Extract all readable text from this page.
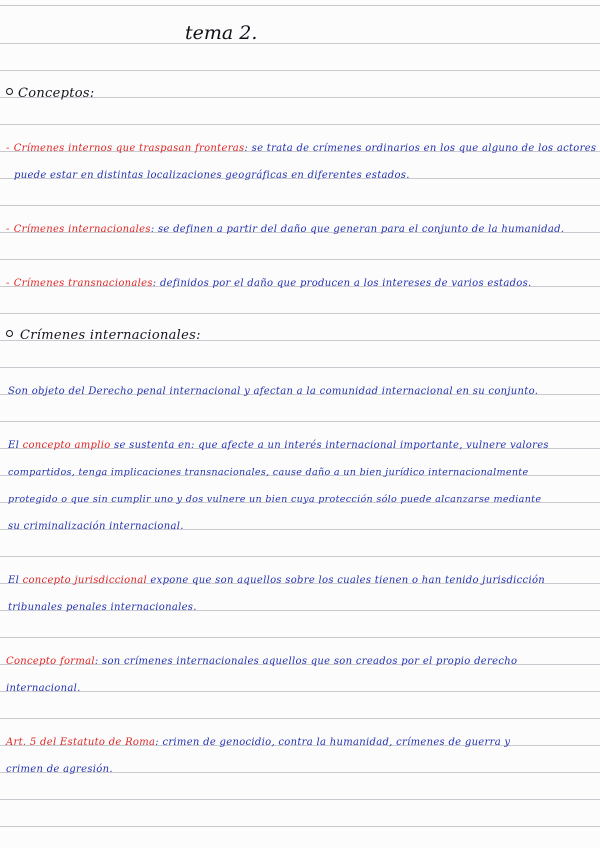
tema 2.

Conceptos:

- Crímenes internos que traspasan fronteras: se trata de crímenes ordinarios en los que alguno de los actores

puede estar en distintas localizaciones geográficas en diferentes estados.

- Crímenes internacionales: se definen a partir del daño que generan para el conjunto de la humanidad.

- Crímenes transnacionales: definidos por el daño que producen a los intereses de varios estados.

Crímenes internacionales:

Son objeto del Derecho penal internacional y afectan a la comunidad internacional en su conjunto.

El concepto amplio se sustenta en: que afecte a un interés internacional importante, vulnere valores

compartidos, tenga implicaciones transnacionales, cause daño a un bien jurídico internacionalmente

protegido o que sin cumplir uno y dos vulnere un bien cuya protección sólo puede alcanzarse mediante

su criminalización internacional.

El concepto jurisdiccional expone que son aquellos sobre los cuales tienen o han tenido jurisdicción

tribunales penales internacionales.

Concepto formal: son crímenes internacionales aquellos que son creados por el propio derecho

internacional.

Art. 5 del Estatuto de Roma: crimen de genocidio, contra la humanidad, crímenes de guerra y

crimen de agresión.
